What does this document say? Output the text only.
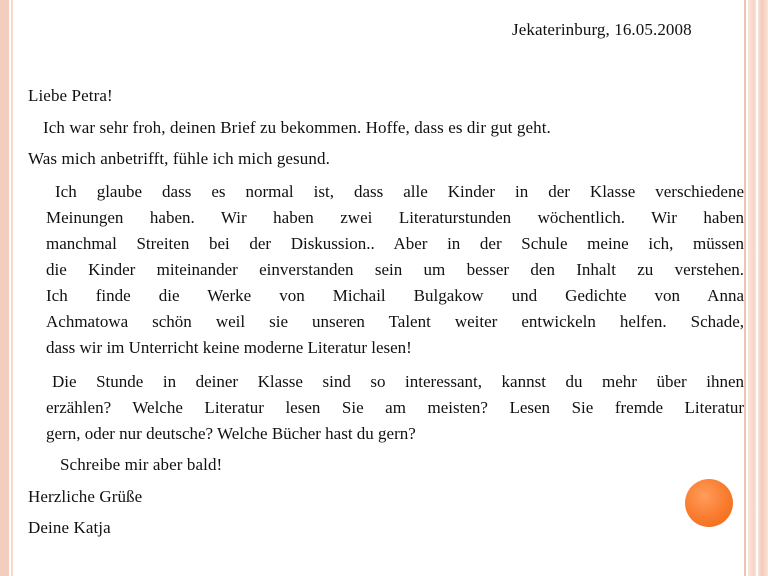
Jekaterinburg, 16.05.2008
Liebe Petra!
Ich war sehr froh, deinen Brief zu bekommen. Hoffe, dass es dir gut geht.
Was mich anbetrifft, fühle ich mich gesund.
Ich glaube dass es normal ist, dass alle Kinder in der Klasse verschiedene
Meinungen haben. Wir haben zwei Literaturstunden wöchentlich. Wir haben
manchmal Streiten bei der Diskussion.. Aber in der Schule meine ich, müssen
die Kinder miteinander einverstanden sein um besser den Inhalt zu verstehen.
Ich finde die Werke von Michail Bulgakow und Gedichte von Anna
Achmatowa schön weil sie unseren Talent weiter entwickeln helfen. Schade,
dass wir im Unterricht keine moderne Literatur lesen!
Die Stunde in deiner Klasse sind so interessant, kannst du mehr über ihnen
erzählen? Welche Literatur lesen Sie am meisten? Lesen Sie fremde Literatur
gern, oder nur deutsche? Welche Bücher hast du gern?
Schreibe mir aber bald!
Herzliche Grüße
Deine Katja
